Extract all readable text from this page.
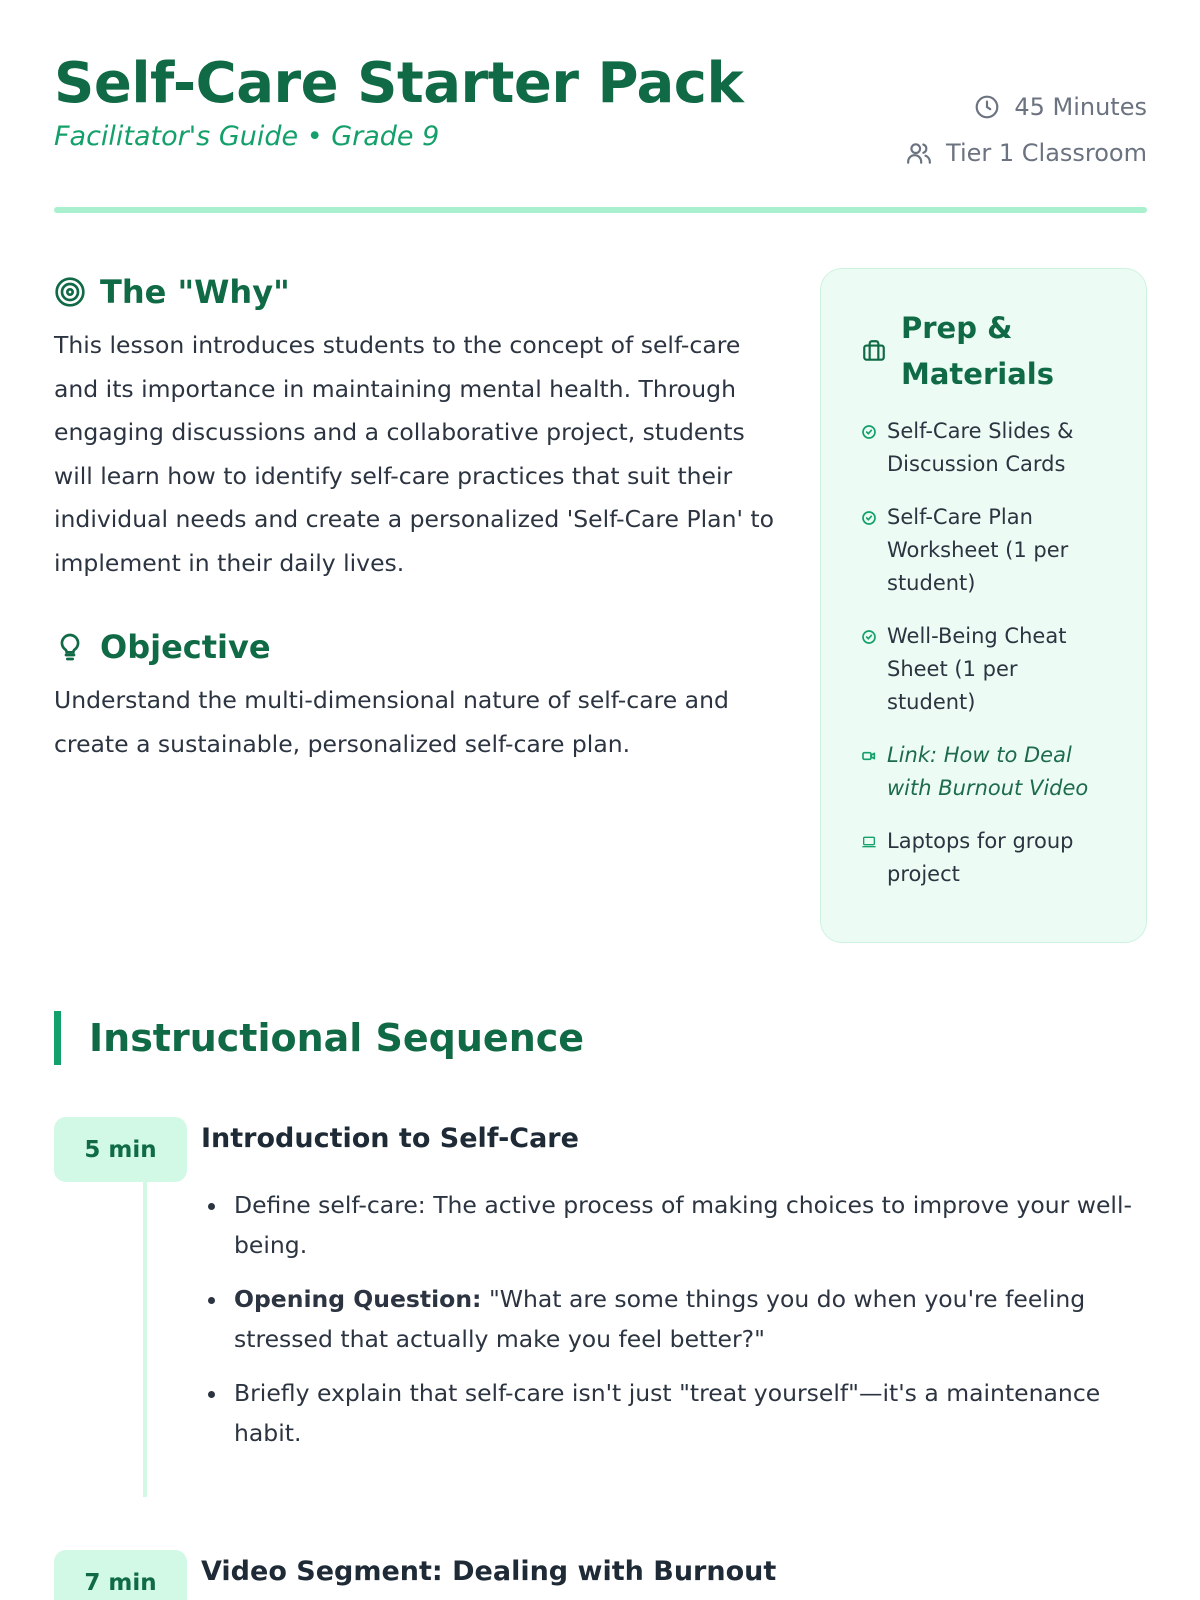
Self-Care Starter Pack
Facilitator's Guide • Grade 9
45 Minutes
Tier 1 Classroom
The "Why"

This lesson introduces students to the concept of self-care and its importance in maintaining mental health. Through engaging discussions and a collaborative project, students will learn how to identify self-care practices that suit their individual needs and create a personalized 'Self-Care Plan' to implement in their daily lives.

Objective

Understand the multi-dimensional nature of self-care and create a sustainable, personalized self-care plan.

Prep & Materials
Self-Care Slides & Discussion Cards
Self-Care Plan Worksheet (1 per student)
Well-Being Cheat Sheet (1 per student)
Link: How to Deal with Burnout Video
Laptops for group project
Instructional Sequence
5 min	Introduction to Self-Care
Define self-care: The active process of making choices to improve your well-being.
Opening Question: "What are some things you do when you're feeling stressed that actually make you feel better?"
Briefly explain that self-care isn't just "treat yourself"—it's a maintenance habit.
7 min	Video Segment: Dealing with Burnout
